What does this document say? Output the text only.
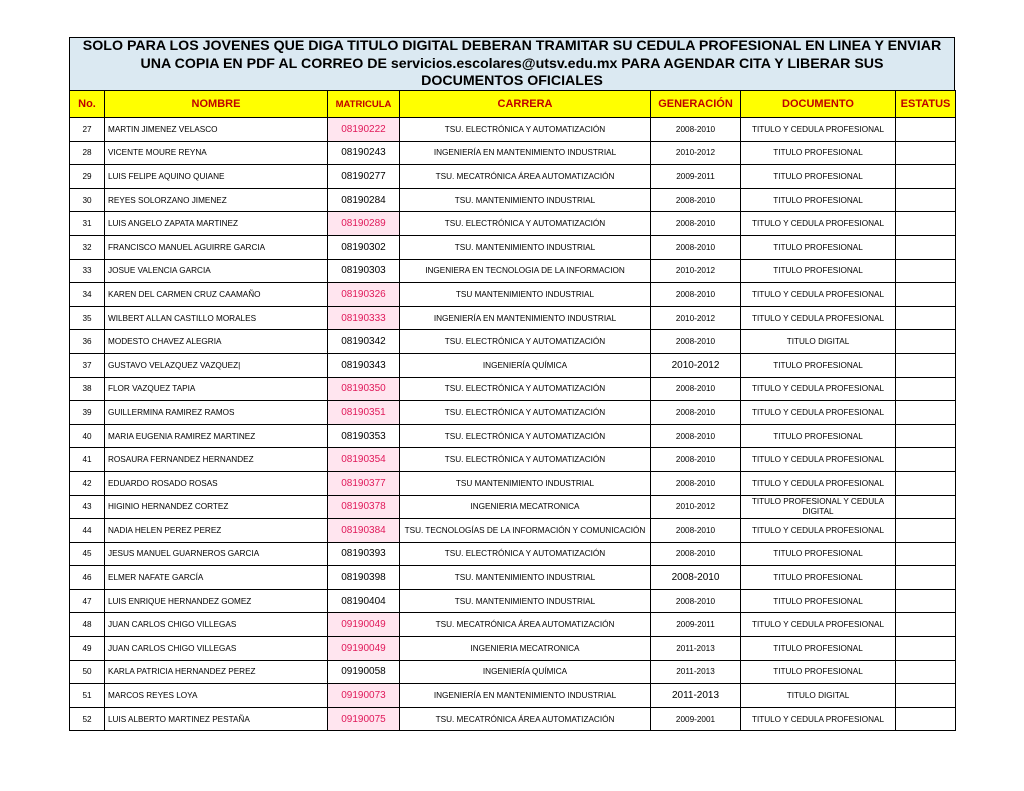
SOLO PARA LOS JOVENES QUE DIGA TITULO DIGITAL DEBERAN TRAMITAR SU CEDULA PROFESIONAL EN LINEA Y ENVIAR
UNA COPIA EN PDF AL CORREO DE servicios.escolares@utsv.edu.mx PARA AGENDAR CITA Y LIBERAR SUS
DOCUMENTOS OFICIALES
No.	NOMBRE	MATRICULA	CARRERA	GENERACIÓN	DOCUMENTO	ESTATUS
27	MARTIN JIMENEZ VELASCO	08190222	TSU. ELECTRÓNICA Y AUTOMATIZACIÓN	2008-2010	TITULO Y CEDULA PROFESIONAL	
28	VICENTE MOURE REYNA	08190243	INGENIERÍA EN MANTENIMIENTO INDUSTRIAL	2010-2012	TITULO PROFESIONAL	
29	LUIS FELIPE AQUINO QUIANE	08190277	TSU. MECATRÓNICA ÁREA AUTOMATIZACIÓN	2009-2011	TITULO PROFESIONAL	
30	REYES SOLORZANO JIMENEZ	08190284	TSU. MANTENIMIENTO INDUSTRIAL	2008-2010	TITULO PROFESIONAL	
31	LUIS ANGELO ZAPATA MARTINEZ	08190289	TSU. ELECTRÓNICA Y AUTOMATIZACIÓN	2008-2010	TITULO Y CEDULA PROFESIONAL	
32	FRANCISCO MANUEL AGUIRRE GARCIA	08190302	TSU. MANTENIMIENTO INDUSTRIAL	2008-2010	TITULO PROFESIONAL	
33	JOSUE VALENCIA GARCIA	08190303	INGENIERA EN TECNOLOGIA DE LA INFORMACION	2010-2012	TITULO PROFESIONAL	
34	KAREN DEL CARMEN CRUZ CAAMAÑO	08190326	TSU MANTENIMIENTO INDUSTRIAL	2008-2010	TITULO Y CEDULA PROFESIONAL	
35	WILBERT ALLAN CASTILLO MORALES	08190333	INGENIERÍA EN MANTENIMIENTO INDUSTRIAL	2010-2012	TITULO Y CEDULA PROFESIONAL	
36	MODESTO CHAVEZ ALEGRIA	08190342	TSU. ELECTRÓNICA Y AUTOMATIZACIÓN	2008-2010	TITULO DIGITAL	
37	GUSTAVO VELAZQUEZ VAZQUEZ|	08190343	INGENIERÍA QUÍMICA	2010-2012	TITULO PROFESIONAL	
38	FLOR VAZQUEZ TAPIA	08190350	TSU. ELECTRÓNICA Y AUTOMATIZACIÓN	2008-2010	TITULO Y CEDULA PROFESIONAL	
39	GUILLERMINA RAMIREZ RAMOS	08190351	TSU. ELECTRÓNICA Y AUTOMATIZACIÓN	2008-2010	TITULO Y CEDULA PROFESIONAL	
40	MARIA EUGENIA RAMIREZ MARTINEZ	08190353	TSU. ELECTRÓNICA Y AUTOMATIZACIÓN	2008-2010	TITULO PROFESIONAL	
41	ROSAURA FERNANDEZ HERNANDEZ	08190354	TSU. ELECTRÓNICA Y AUTOMATIZACIÓN	2008-2010	TITULO Y CEDULA PROFESIONAL	
42	EDUARDO ROSADO ROSAS	08190377	TSU MANTENIMIENTO INDUSTRIAL	2008-2010	TITULO Y CEDULA PROFESIONAL	
43	HIGINIO HERNANDEZ CORTEZ	08190378	INGENIERIA MECATRONICA	2010-2012	TITULO PROFESIONAL Y CEDULA DIGITAL	
44	NADIA HELEN PEREZ PEREZ	08190384	TSU. TECNOLOGÍAS DE LA INFORMACIÓN Y COMUNICACIÓN	2008-2010	TITULO Y CEDULA PROFESIONAL	
45	JESUS MANUEL GUARNEROS GARCIA	08190393	TSU. ELECTRÓNICA Y AUTOMATIZACIÓN	2008-2010	TITULO PROFESIONAL	
46	ELMER NAFATE GARCÍA	08190398	TSU. MANTENIMIENTO INDUSTRIAL	2008-2010	TITULO PROFESIONAL	
47	LUIS ENRIQUE HERNANDEZ GOMEZ	08190404	TSU. MANTENIMIENTO INDUSTRIAL	2008-2010	TITULO PROFESIONAL	
48	JUAN CARLOS CHIGO VILLEGAS	09190049	TSU. MECATRÓNICA ÁREA AUTOMATIZACIÓN	2009-2011	TITULO Y CEDULA PROFESIONAL	
49	JUAN CARLOS CHIGO VILLEGAS	09190049	INGENIERIA MECATRONICA	2011-2013	TITULO PROFESIONAL	
50	KARLA PATRICIA HERNANDEZ PEREZ	09190058	INGENIERÍA QUÍMICA	2011-2013	TITULO PROFESIONAL	
51	MARCOS REYES LOYA	09190073	INGENIERÍA EN MANTENIMIENTO INDUSTRIAL	2011-2013	TITULO DIGITAL	
52	LUIS ALBERTO MARTINEZ PESTAÑA	09190075	TSU. MECATRÓNICA ÁREA AUTOMATIZACIÓN	2009-2001	TITULO Y CEDULA PROFESIONAL	
